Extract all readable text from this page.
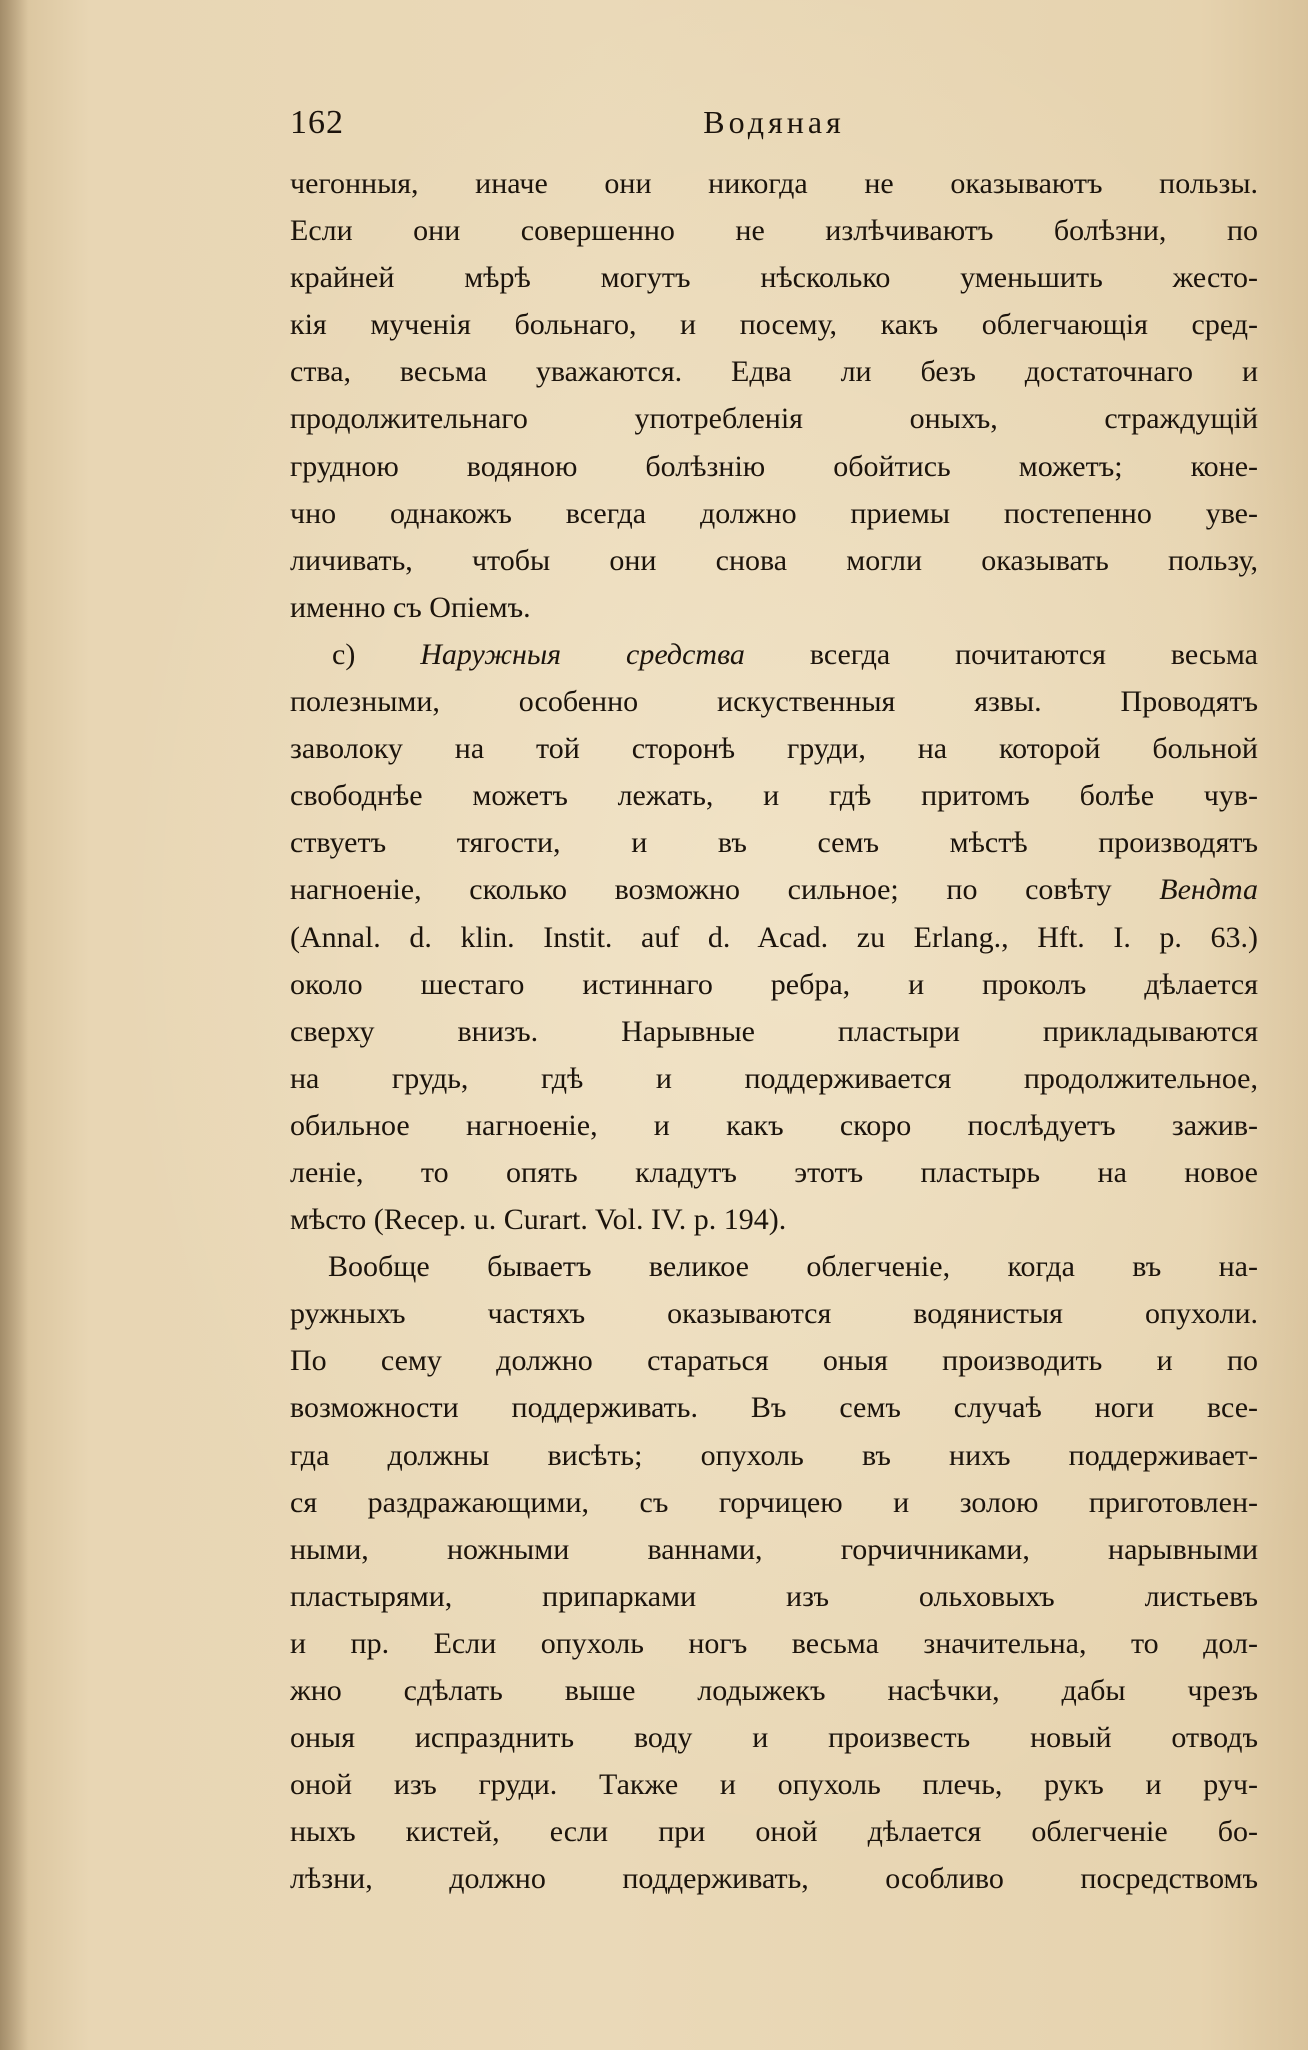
162	Водяная
чегонныя, иначе они никогда не оказываютъ пользы.
Если они совершенно не излѣчиваютъ болѣзни, по
крайней мѣрѣ могутъ нѣсколько уменьшить жесто-
кія мученія больнаго, и посему, какъ облегчающія сред-
ства, весьма уважаются. Едва ли безъ достаточнаго и
продолжительнаго употребленія оныхъ, страждущій
грудною водяною болѣзнію обойтись можетъ; коне-
чно однакожъ всегда должно приемы постепенно уве-
личивать, чтобы они снова могли оказывать пользу,
именно съ Опіемъ.
c) Наружныя средства всегда почитаются весьма
полезными, особенно искуственныя язвы. Проводятъ
заволоку на той сторонѣ груди, на которой больной
свободнѣе можетъ лежать, и гдѣ притомъ болѣе чув-
ствуетъ тягости, и въ семъ мѣстѣ производятъ
нагноеніе, сколько возможно сильное; по совѣту Вендта
(Annal. d. klin. Instit. auf d. Acad. zu Erlang., Hft. I. p. 63.)
около шестаго истиннаго ребра, и проколъ дѣлается
сверху внизъ. Нарывные пластыри прикладываются
на грудь, гдѣ и поддерживается продолжительное,
обильное нагноеніе, и какъ скоро послѣдуетъ зажив-
леніе, то опять кладутъ этотъ пластырь на новое
мѣсто (Recep. u. Curart. Vol. IV. p. 194).
Вообще бываетъ великое облегченіе, когда въ на-
ружныхъ частяхъ оказываются водянистыя опухоли.
По сему должно стараться оныя производить и по
возможности поддерживать. Въ семъ случаѣ ноги все-
гда должны висѣть; опухоль въ нихъ поддерживает-
ся раздражающими, съ горчицею и золою приготовлен-
ными, ножными ваннами, горчичниками, нарывными
пластырями, припарками изъ ольховыхъ листьевъ
и пр. Если опухоль ногъ весьма значительна, то дол-
жно сдѣлать выше лодыжекъ насѣчки, дабы чрезъ
оныя испразднить воду и произвесть новый отводъ
оной изъ груди. Также и опухоль плечь, рукъ и руч-
ныхъ кистей, если при оной дѣлается облегченіе бо-
лѣзни, должно поддерживать, особливо посредствомъ
